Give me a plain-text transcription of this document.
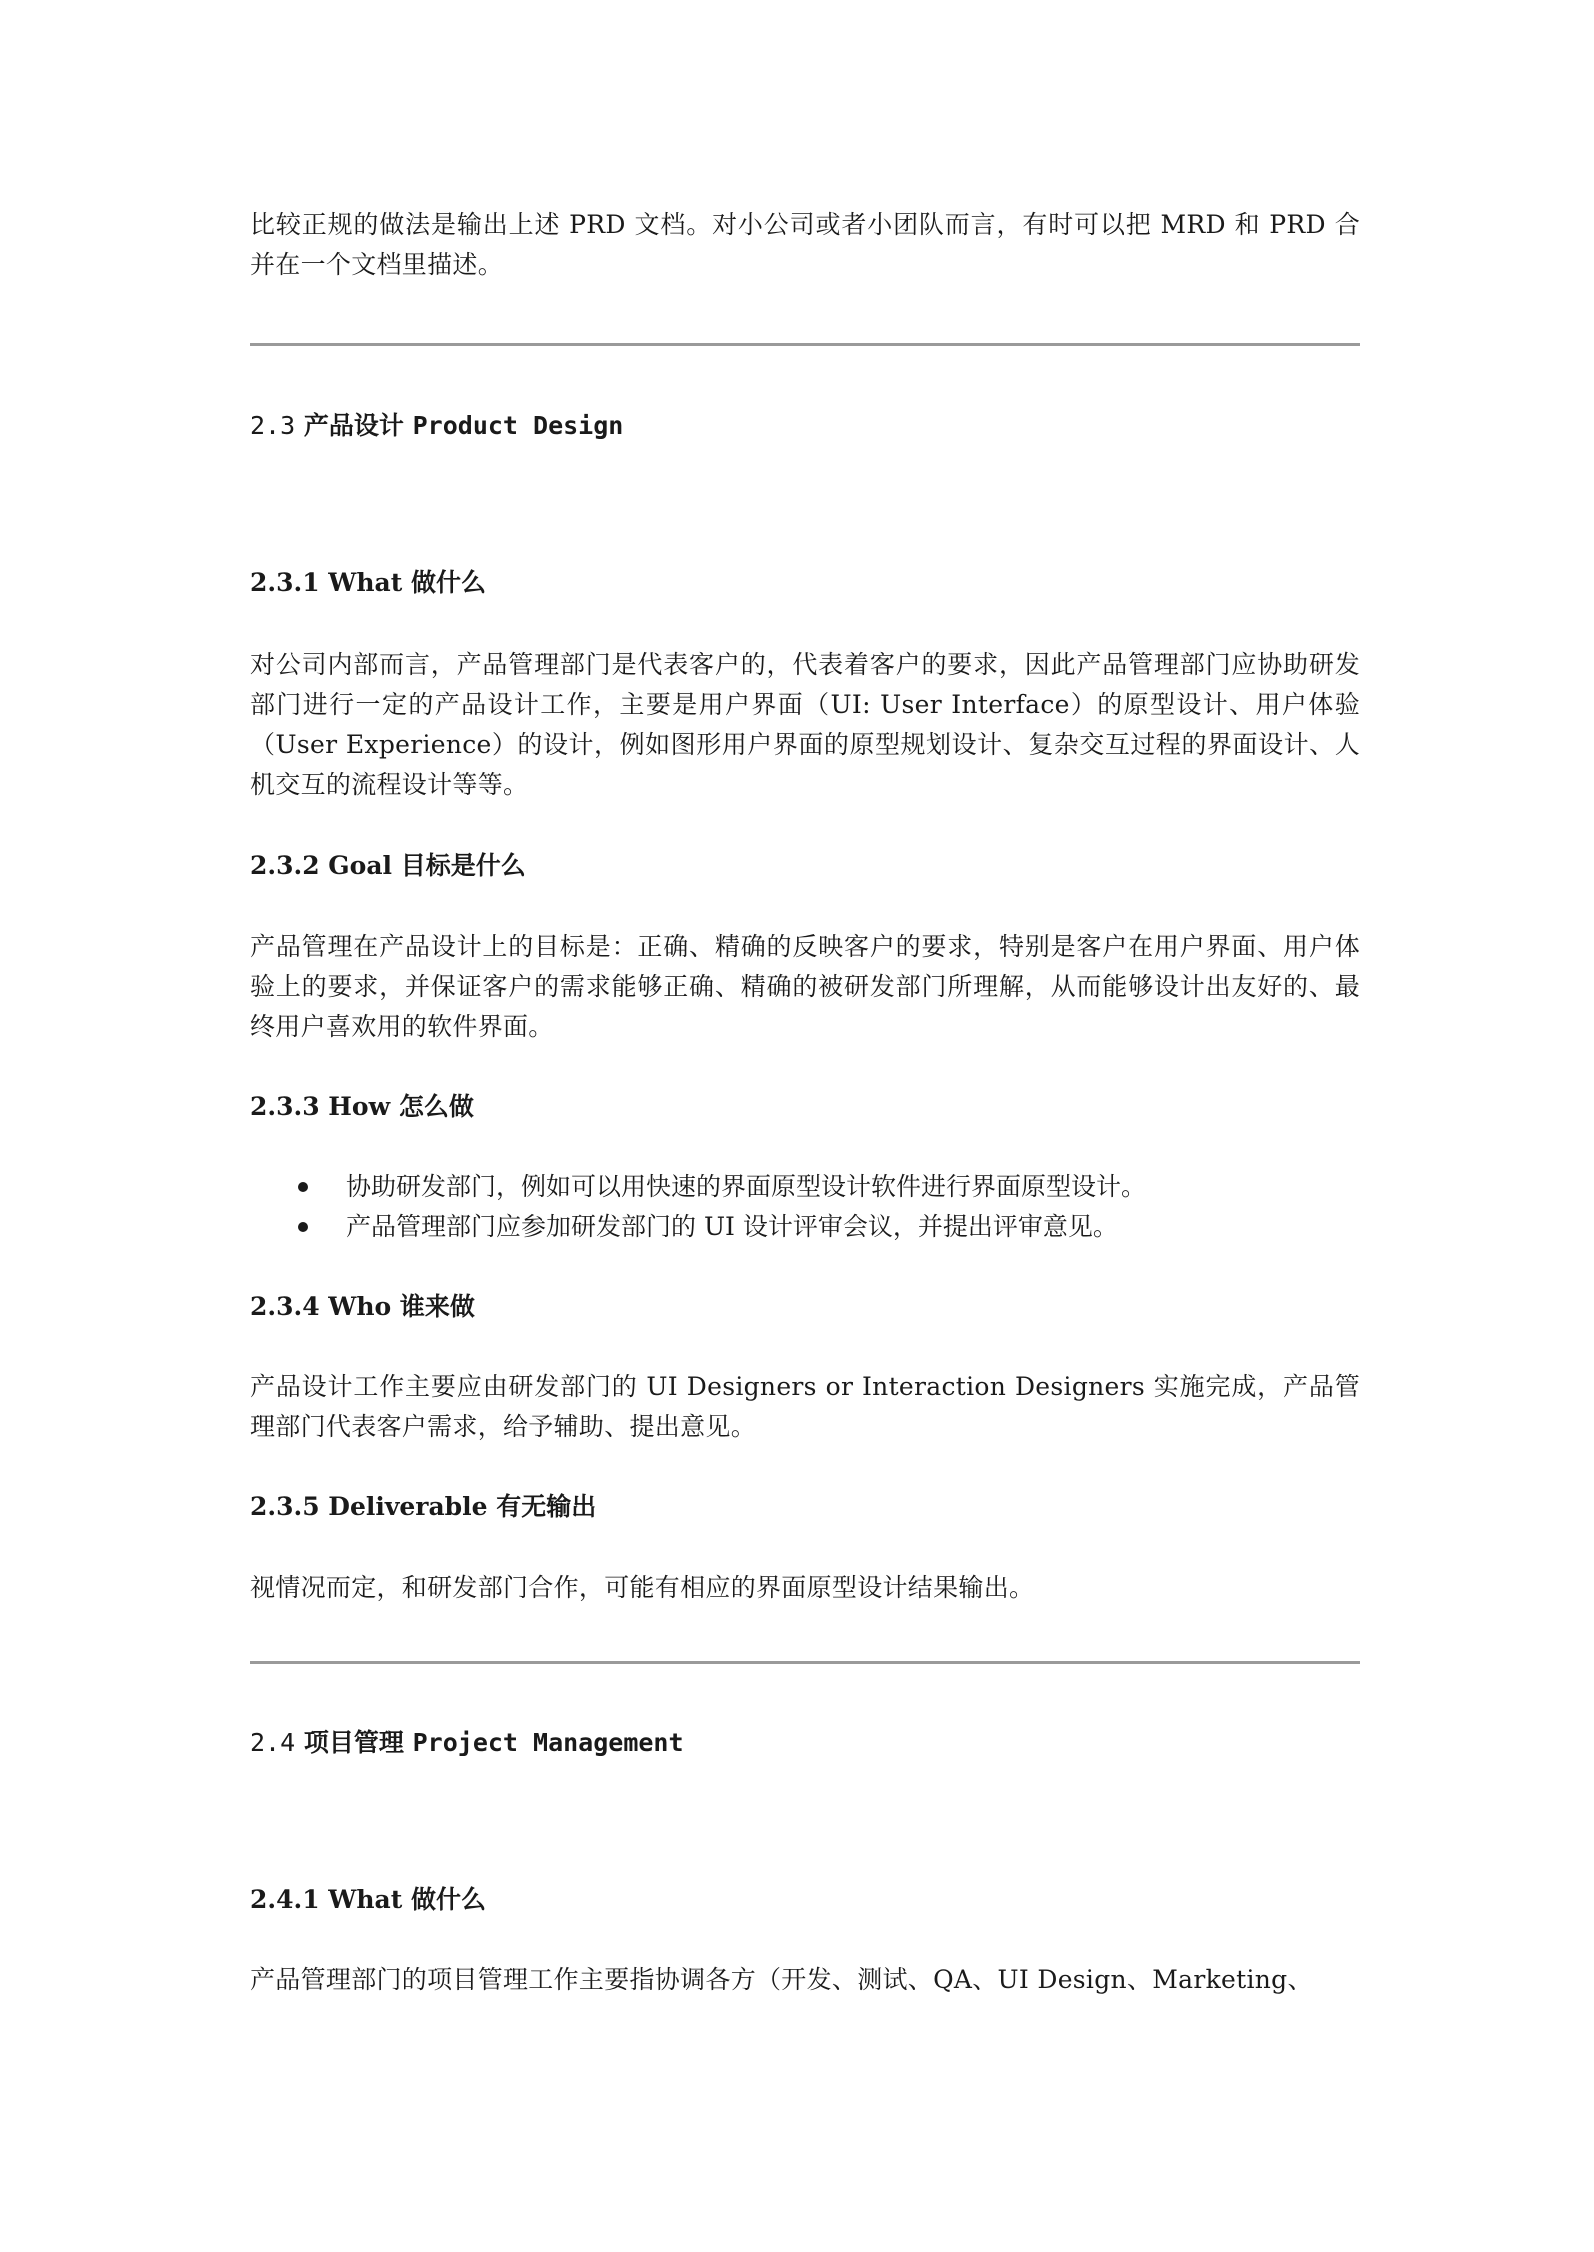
比较正规的做法是输出上述 PRD 文档。对小公司或者小团队而言，有时可以把 MRD 和 PRD 合并在一个文档里描述。

2.3 产品设计 Product Design
2.3.1 What 做什么

对公司内部而言，产品管理部门是代表客户的，代表着客户的要求，因此产品管理部门应协助研发部门进行一定的产品设计工作，主要是用户界面（UI: User Interface）的原型设计、用户体验（User Experience）的设计，例如图形用户界面的原型规划设计、复杂交互过程的界面设计、人机交互的流程设计等等。

2.3.2 Goal 目标是什么

产品管理在产品设计上的目标是：正确、精确的反映客户的要求，特别是客户在用户界面、用户体验上的要求，并保证客户的需求能够正确、精确的被研发部门所理解，从而能够设计出友好的、最终用户喜欢用的软件界面。

2.3.3 How 怎么做
协助研发部门，例如可以用快速的界面原型设计软件进行界面原型设计。
产品管理部门应参加研发部门的 UI 设计评审会议，并提出评审意见。
2.3.4 Who 谁来做

产品设计工作主要应由研发部门的 UI Designers or Interaction Designers 实施完成，产品管理部门代表客户需求，给予辅助、提出意见。

2.3.5 Deliverable 有无输出

视情况而定，和研发部门合作，可能有相应的界面原型设计结果输出。

2.4 项目管理 Project Management
2.4.1 What 做什么

产品管理部门的项目管理工作主要指协调各方（开发、测试、QA、UI Design、Marketing、
